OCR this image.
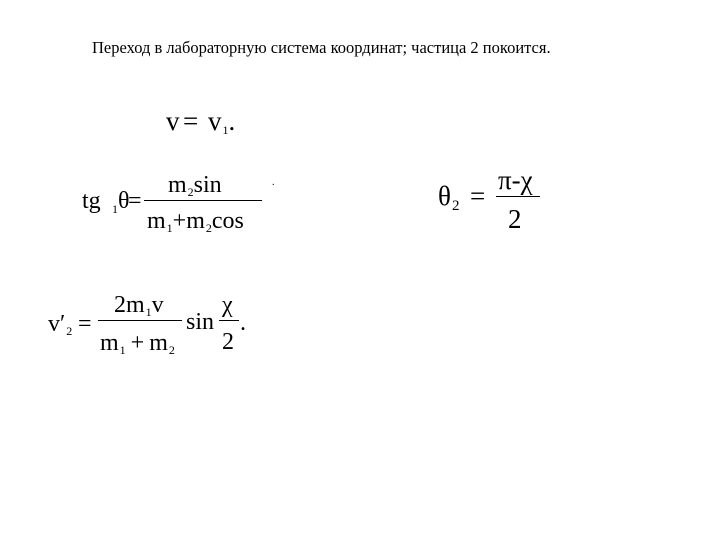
Переход в лабораторную система координат; частица 2 покоится.
$v = v_1$.
tg 1 θ
=
$m_2\sin$
$m_1+m_2\cos$
.	θ2 =
π-χ
2
$v'_2$ =
$2m_1v$
$m_1 + m_2$
sin
χ
2
.
